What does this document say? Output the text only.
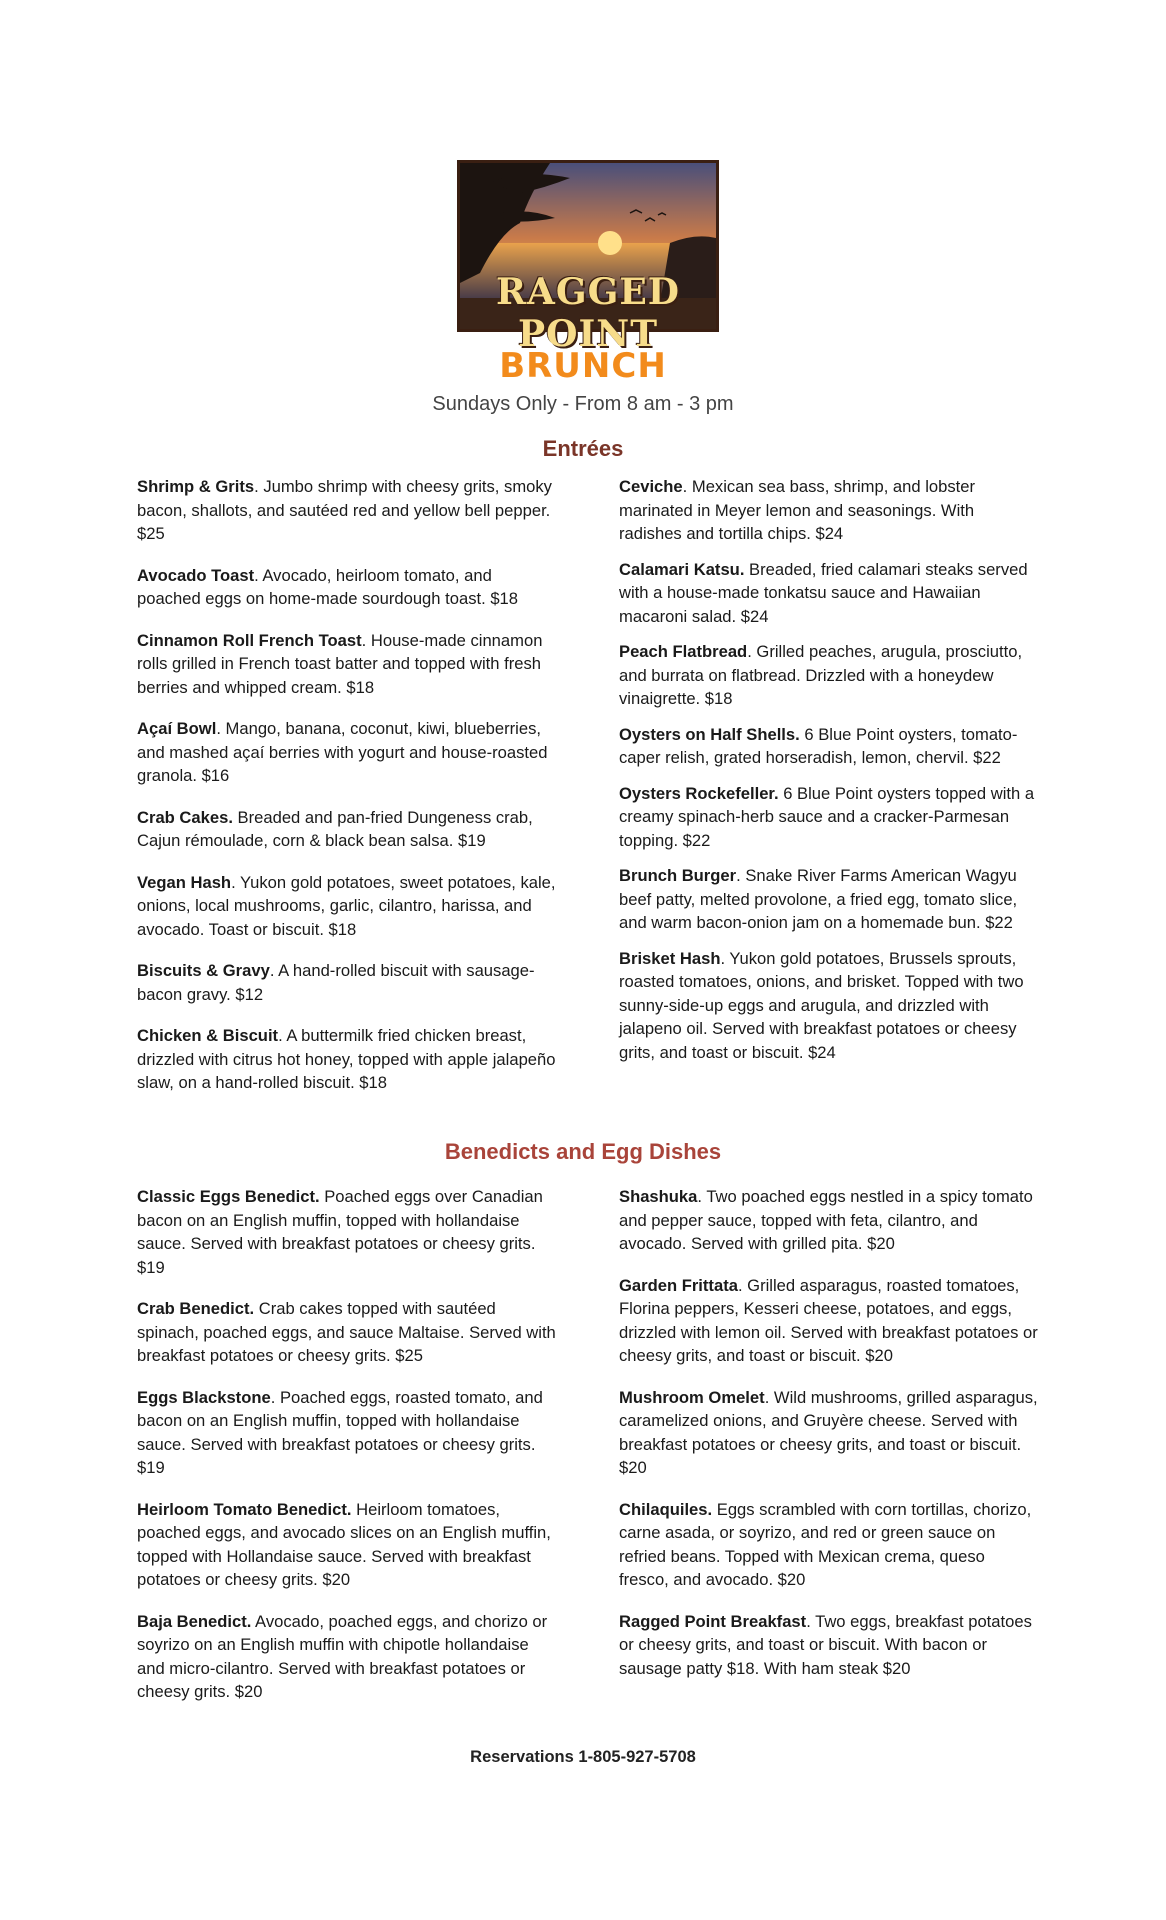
RAGGED POINT
BRUNCH
Sundays Only - From 8 am - 3 pm
Entrées
Shrimp & Grits. Jumbo shrimp with cheesy grits, smoky bacon, shallots, and sautéed red and yellow bell pepper. $25
Avocado Toast. Avocado, heirloom tomato, and poached eggs on home-made sourdough toast. $18
Cinnamon Roll French Toast. House-made cinnamon rolls grilled in French toast batter and topped with fresh berries and whipped cream. $18
Açaí Bowl. Mango, banana, coconut, kiwi, blueberries, and mashed açaí berries with yogurt and house-roasted granola. $16
Crab Cakes. Breaded and pan-fried Dungeness crab, Cajun rémoulade, corn & black bean salsa. $19
Vegan Hash. Yukon gold potatoes, sweet potatoes, kale, onions, local mushrooms, garlic, cilantro, harissa, and avocado. Toast or biscuit. $18
Biscuits & Gravy. A hand-rolled biscuit with sausage-bacon gravy. $12
Chicken & Biscuit. A buttermilk fried chicken breast, drizzled with citrus hot honey, topped with apple jalapeño slaw, on a hand-rolled biscuit. $18
Ceviche. Mexican sea bass, shrimp, and lobster marinated in Meyer lemon and seasonings. With radishes and tortilla chips. $24
Calamari Katsu. Breaded, fried calamari steaks served with a house-made tonkatsu sauce and Hawaiian macaroni salad. $24
Peach Flatbread. Grilled peaches, arugula, prosciutto, and burrata on flatbread. Drizzled with a honeydew vinaigrette. $18
Oysters on Half Shells. 6 Blue Point oysters, tomato-caper relish, grated horseradish, lemon, chervil. $22
Oysters Rockefeller. 6 Blue Point oysters topped with a creamy spinach-herb sauce and a cracker-Parmesan topping. $22
Brunch Burger. Snake River Farms American Wagyu beef patty, melted provolone, a fried egg, tomato slice, and warm bacon-onion jam on a homemade bun. $22
Brisket Hash. Yukon gold potatoes, Brussels sprouts, roasted tomatoes, onions, and brisket. Topped with two sunny-side-up eggs and arugula, and drizzled with jalapeno oil. Served with breakfast potatoes or cheesy grits, and toast or biscuit. $24
Benedicts and Egg Dishes
Classic Eggs Benedict. Poached eggs over Canadian bacon on an English muffin, topped with hollandaise sauce. Served with breakfast potatoes or cheesy grits. $19
Crab Benedict. Crab cakes topped with sautéed spinach, poached eggs, and sauce Maltaise. Served with breakfast potatoes or cheesy grits. $25
Eggs Blackstone. Poached eggs, roasted tomato, and bacon on an English muffin, topped with hollandaise sauce. Served with breakfast potatoes or cheesy grits. $19
Heirloom Tomato Benedict. Heirloom tomatoes, poached eggs, and avocado slices on an English muffin, topped with Hollandaise sauce. Served with breakfast potatoes or cheesy grits. $20
Baja Benedict. Avocado, poached eggs, and chorizo or soyrizo on an English muffin with chipotle hollandaise and micro-cilantro. Served with breakfast potatoes or cheesy grits. $20
Shashuka. Two poached eggs nestled in a spicy tomato and pepper sauce, topped with feta, cilantro, and avocado. Served with grilled pita. $20
Garden Frittata. Grilled asparagus, roasted tomatoes, Florina peppers, Kesseri cheese, potatoes, and eggs, drizzled with lemon oil. Served with breakfast potatoes or cheesy grits, and toast or biscuit. $20
Mushroom Omelet. Wild mushrooms, grilled asparagus, caramelized onions, and Gruyère cheese. Served with breakfast potatoes or cheesy grits, and toast or biscuit. $20
Chilaquiles. Eggs scrambled with corn tortillas, chorizo, carne asada, or soyrizo, and red or green sauce on refried beans. Topped with Mexican crema, queso fresco, and avocado. $20
Ragged Point Breakfast. Two eggs, breakfast potatoes or cheesy grits, and toast or biscuit. With bacon or sausage patty $18. With ham steak $20
Reservations 1-805-927-5708
